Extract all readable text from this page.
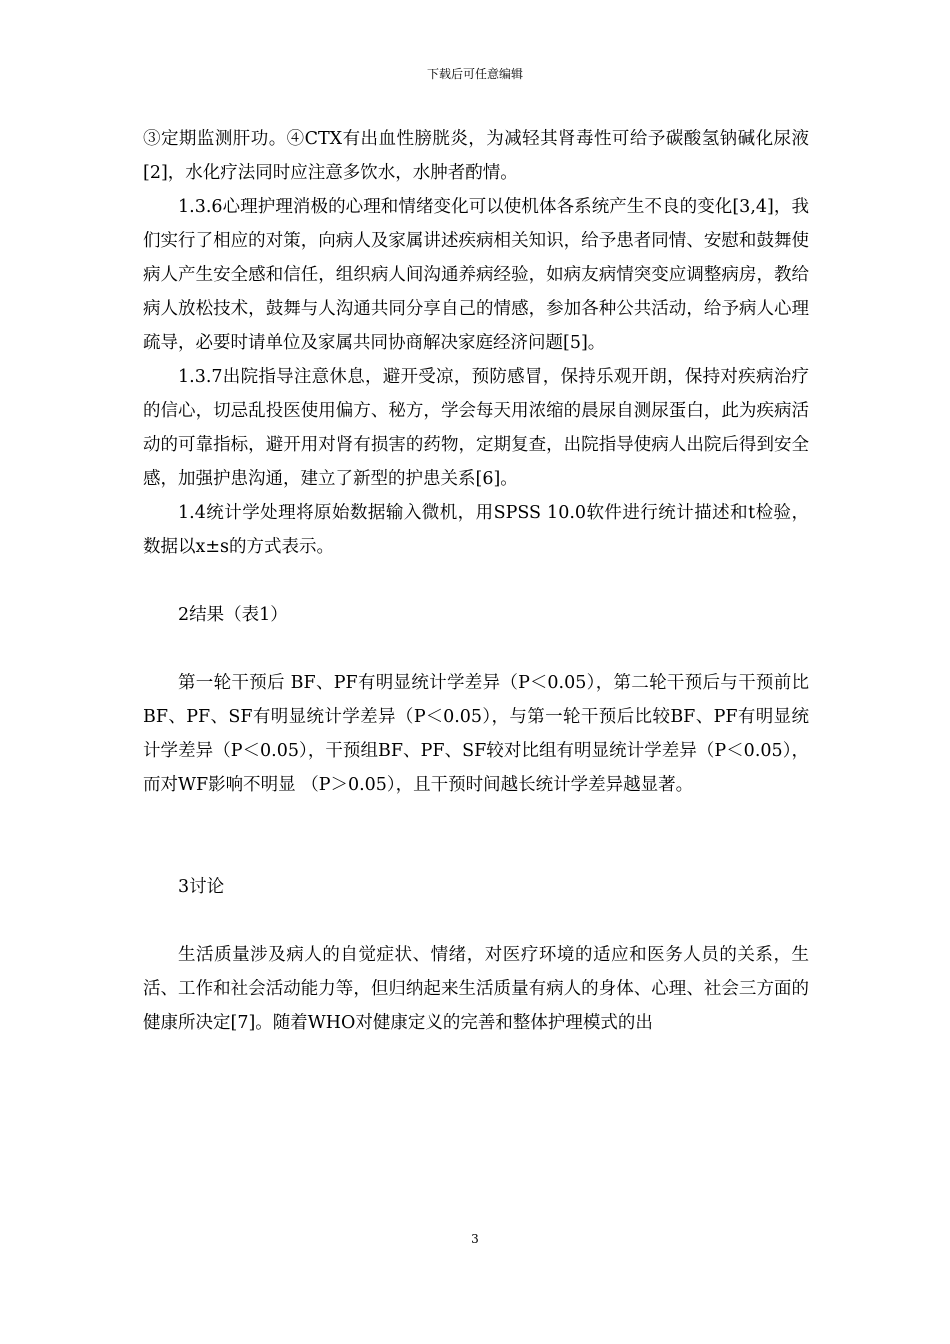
下载后可任意编辑

③定期监测肝功。④CTX有出血性膀胱炎，为减轻其肾毒性可给予碳酸氢钠碱化尿液[2]，水化疗法同时应注意多饮水，水肿者酌情。

1.3.6心理护理消极的心理和情绪变化可以使机体各系统产生不良的变化[3,4]，我们实行了相应的对策，向病人及家属讲述疾病相关知识，给予患者同情、安慰和鼓舞使病人产生安全感和信任，组织病人间沟通养病经验，如病友病情突变应调整病房，教给病人放松技术，鼓舞与人沟通共同分享自己的情感，参加各种公共活动，给予病人心理疏导，必要时请单位及家属共同协商解决家庭经济问题[5]。

1.3.7出院指导注意休息，避开受凉，预防感冒，保持乐观开朗，保持对疾病治疗的信心，切忌乱投医使用偏方、秘方，学会每天用浓缩的晨尿自测尿蛋白，此为疾病活动的可靠指标，避开用对肾有损害的药物，定期复查，出院指导使病人出院后得到安全感，加强护患沟通，建立了新型的护患关系[6]。

1.4统计学处理将原始数据输入微机，用SPSS 10.0软件进行统计描述和t检验，数据以x±s的方式表示。

2结果（表1）

第一轮干预后 BF、PF有明显统计学差异（P＜0.05），第二轮干预后与干预前比BF、PF、SF有明显统计学差异（P＜0.05），与第一轮干预后比较BF、PF有明显统计学差异（P＜0.05），干预组BF、PF、SF较对比组有明显统计学差异（P＜0.05），而对WF影响不明显 （P＞0.05），且干预时间越长统计学差异越显著。

3讨论

生活质量涉及病人的自觉症状、情绪，对医疗环境的适应和医务人员的关系，生活、工作和社会活动能力等，但归纳起来生活质量有病人的身体、心理、社会三方面的健康所决定[7]。随着WHO对健康定义的完善和整体护理模式的出

3
